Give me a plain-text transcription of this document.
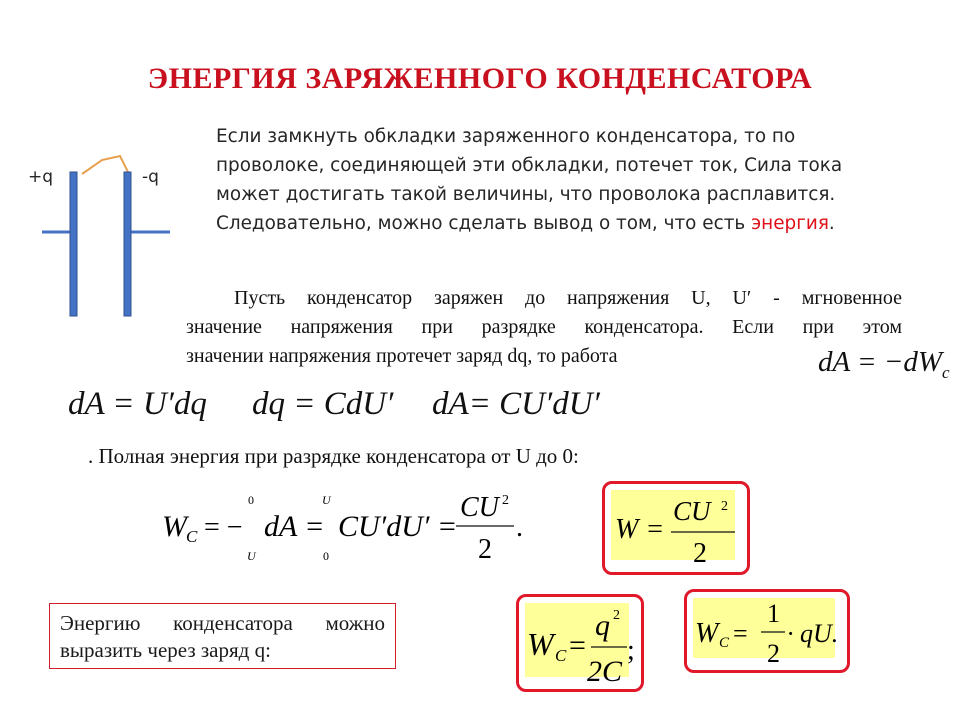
ЭНЕРГИЯ ЗАРЯЖЕННОГО КОНДЕНСАТОРА
+q	-q
Если замкнуть обкладки заряженного конденсатора, то по
проволоке, соединяющей эти обкладки, потечет ток, Сила тока
может достигать такой величины, что проволока расплавится.
Следовательно, можно сделать вывод о том, что есть энергия.
Пусть конденсатор заряжен до напряжения U, U′ - мгновенное
значение напряжения при разрядке конденсатора. Если при этом
значении напряжения протечет заряд dq, то работа	dA = $-dW_c$
dA = U′dq dq = CdU′ dA= CU′dU′
. Полная энергия при разрядке конденсатора от U до 0:
W C = −
0
U
dA =
U
0
CU′dU′ =
CU 2
2
.	W =
CU 2
2
Энергию конденсатора можно
выразить через заряд q:	W C =
q 2
2C
;
W C =
1
2
· qU.
